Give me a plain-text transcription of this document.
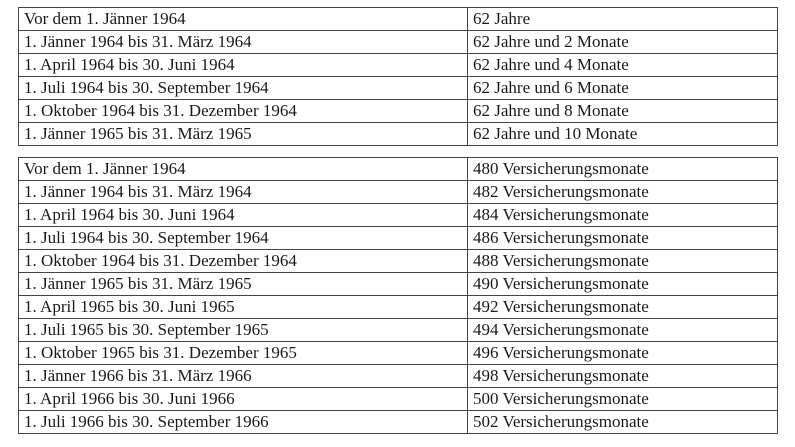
Vor dem 1. Jänner 1964	62 Jahre
1. Jänner 1964 bis 31. März 1964	62 Jahre und 2 Monate
1. April 1964 bis 30. Juni 1964	62 Jahre und 4 Monate
1. Juli 1964 bis 30. September 1964	62 Jahre und 6 Monate
1. Oktober 1964 bis 31. Dezember 1964	62 Jahre und 8 Monate
1. Jänner 1965 bis 31. März 1965	62 Jahre und 10 Monate
Vor dem 1. Jänner 1964	480 Versicherungsmonate
1. Jänner 1964 bis 31. März 1964	482 Versicherungsmonate
1. April 1964 bis 30. Juni 1964	484 Versicherungsmonate
1. Juli 1964 bis 30. September 1964	486 Versicherungsmonate
1. Oktober 1964 bis 31. Dezember 1964	488 Versicherungsmonate
1. Jänner 1965 bis 31. März 1965	490 Versicherungsmonate
1. April 1965 bis 30. Juni 1965	492 Versicherungsmonate
1. Juli 1965 bis 30. September 1965	494 Versicherungsmonate
1. Oktober 1965 bis 31. Dezember 1965	496 Versicherungsmonate
1. Jänner 1966 bis 31. März 1966	498 Versicherungsmonate
1. April 1966 bis 30. Juni 1966	500 Versicherungsmonate
1. Juli 1966 bis 30. September 1966	502 Versicherungsmonate
